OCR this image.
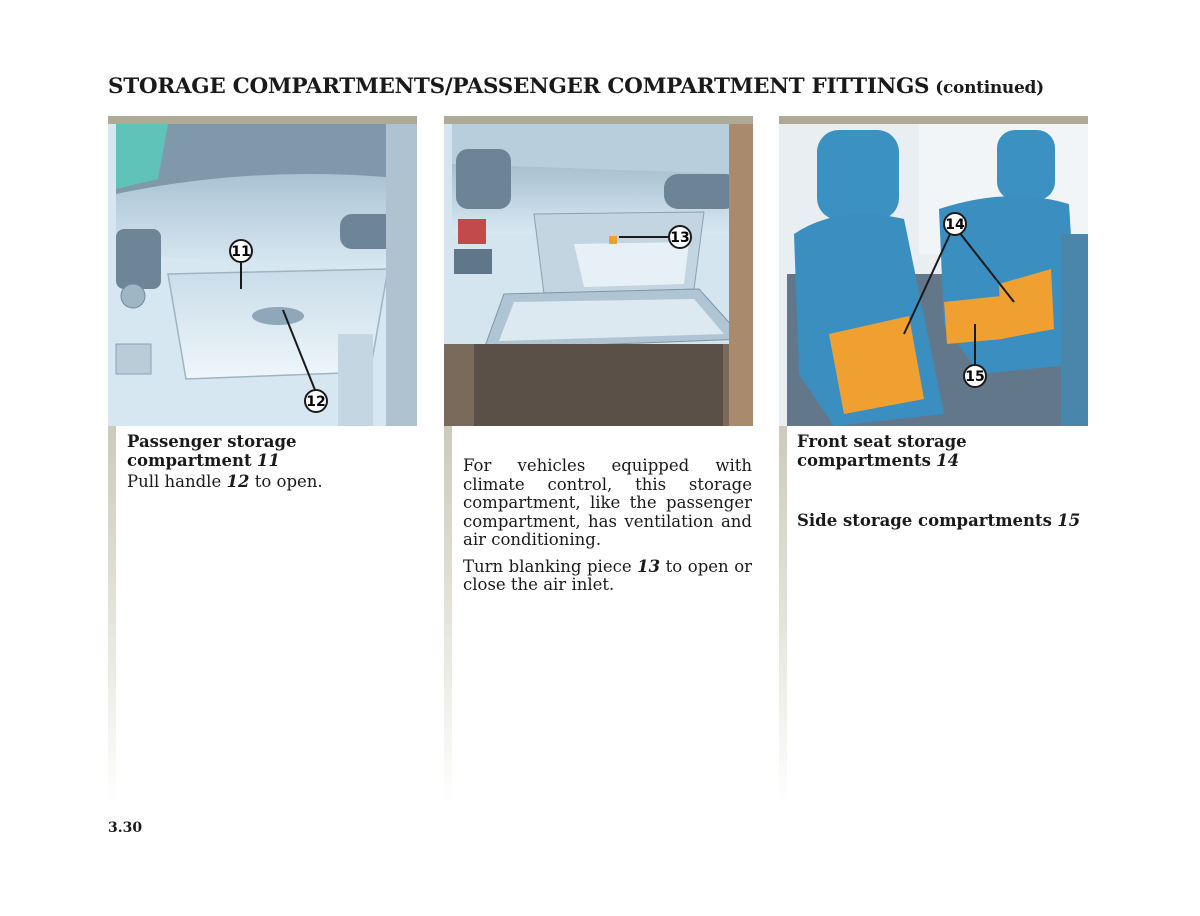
STORAGE COMPARTMENTS/PASSENGER COMPARTMENT FITTINGS (continued)
11
12
13
14
15
Passenger storage compartment 11
Pull handle 12 to open.

For vehicles equipped with climate control, this storage compartment, like the passenger compartment, has ventilation and air conditioning.

Turn blanking piece 13 to open or close the air inlet.

Front seat storage compartments 14
Side storage compartments 15
3.30
